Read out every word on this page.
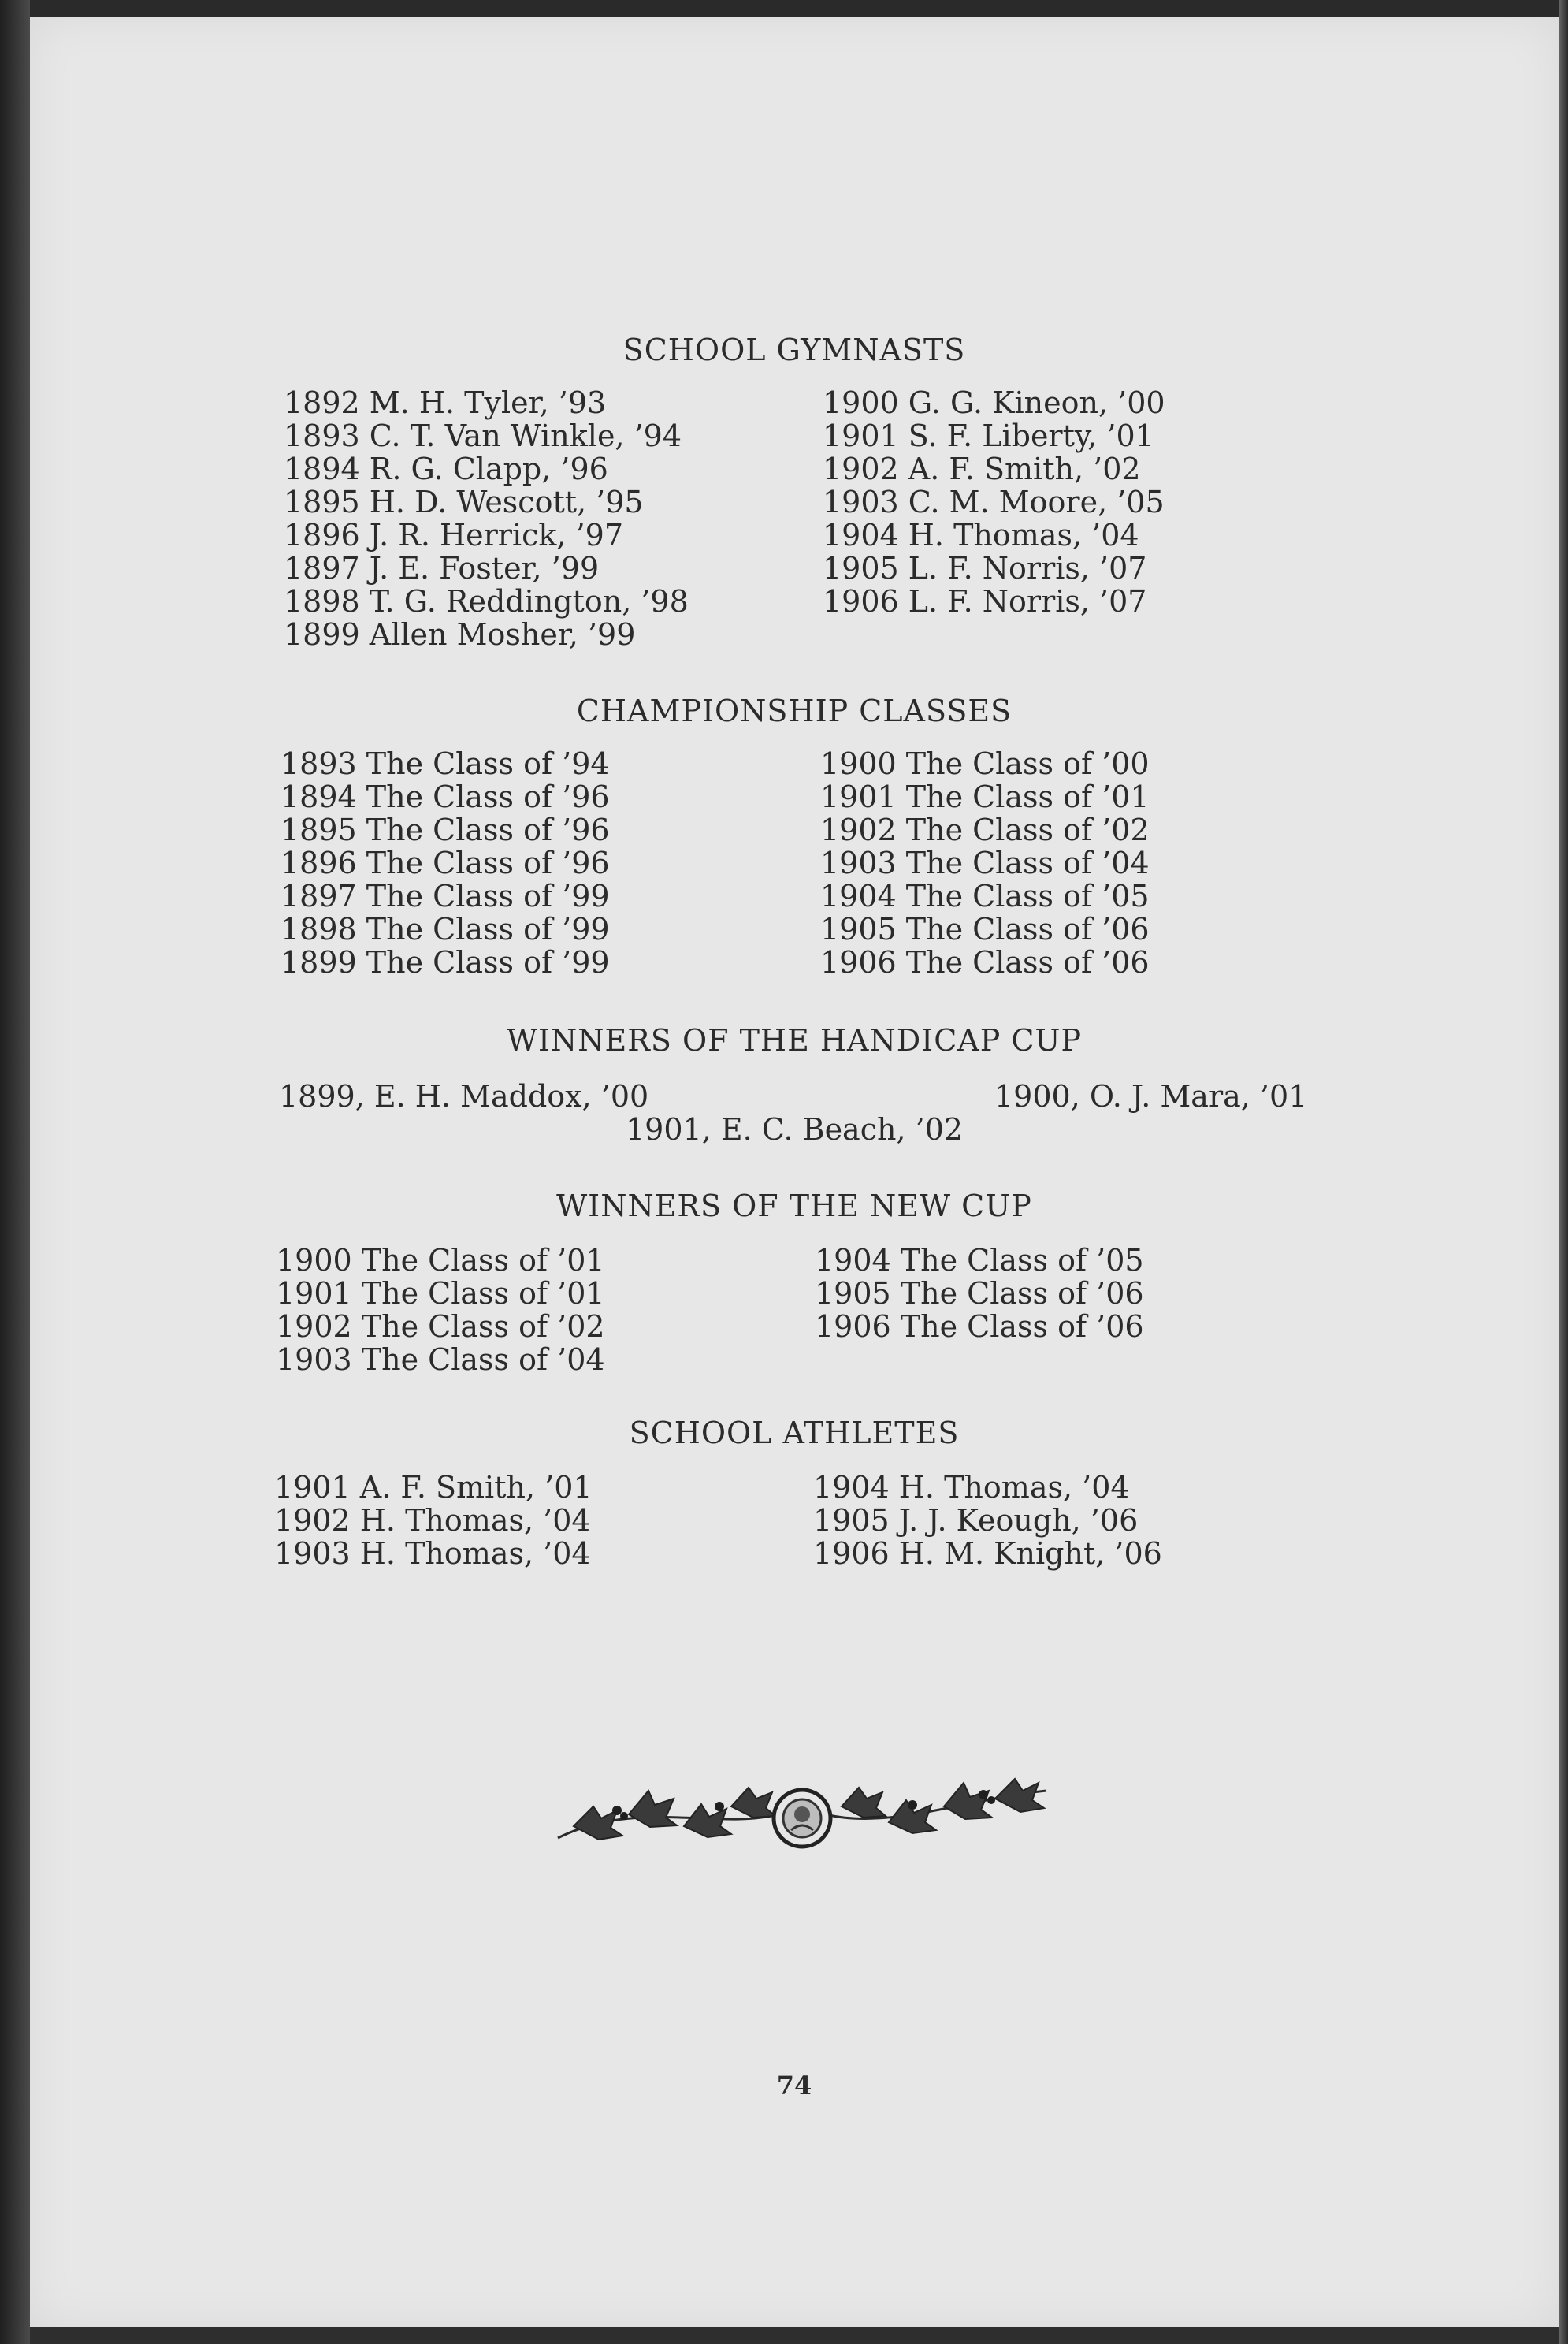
SCHOOL GYMNASTS

1892 M. H. Tyler, ’93

1893 C. T. Van Winkle, ’94

1894 R. G. Clapp, ’96

1895 H. D. Wescott, ’95

1896 J. R. Herrick, ’97

1897 J. E. Foster, ’99

1898 T. G. Reddington, ’98

1899 Allen Mosher, ’99

1900 G. G. Kineon, ’00

1901 S. F. Liberty, ’01

1902 A. F. Smith, ’02

1903 C. M. Moore, ’05

1904 H. Thomas, ’04

1905 L. F. Norris, ’07

1906 L. F. Norris, ’07

CHAMPIONSHIP CLASSES

1893 The Class of ’94

1894 The Class of ’96

1895 The Class of ’96

1896 The Class of ’96

1897 The Class of ’99

1898 The Class of ’99

1899 The Class of ’99

1900 The Class of ’00

1901 The Class of ’01

1902 The Class of ’02

1903 The Class of ’04

1904 The Class of ’05

1905 The Class of ’06

1906 The Class of ’06

WINNERS OF THE HANDICAP CUP

1899, E. H. Maddox, ’00	1900, O. J. Mara, ’01

1901, E. C. Beach, ’02

WINNERS OF THE NEW CUP

1900 The Class of ’01

1901 The Class of ’01

1902 The Class of ’02

1903 The Class of ’04

1904 The Class of ’05

1905 The Class of ’06

1906 The Class of ’06

SCHOOL ATHLETES

1901 A. F. Smith, ’01

1902 H. Thomas, ’04

1903 H. Thomas, ’04

1904 H. Thomas, ’04

1905 J. J. Keough, ’06

1906 H. M. Knight, ’06

74
